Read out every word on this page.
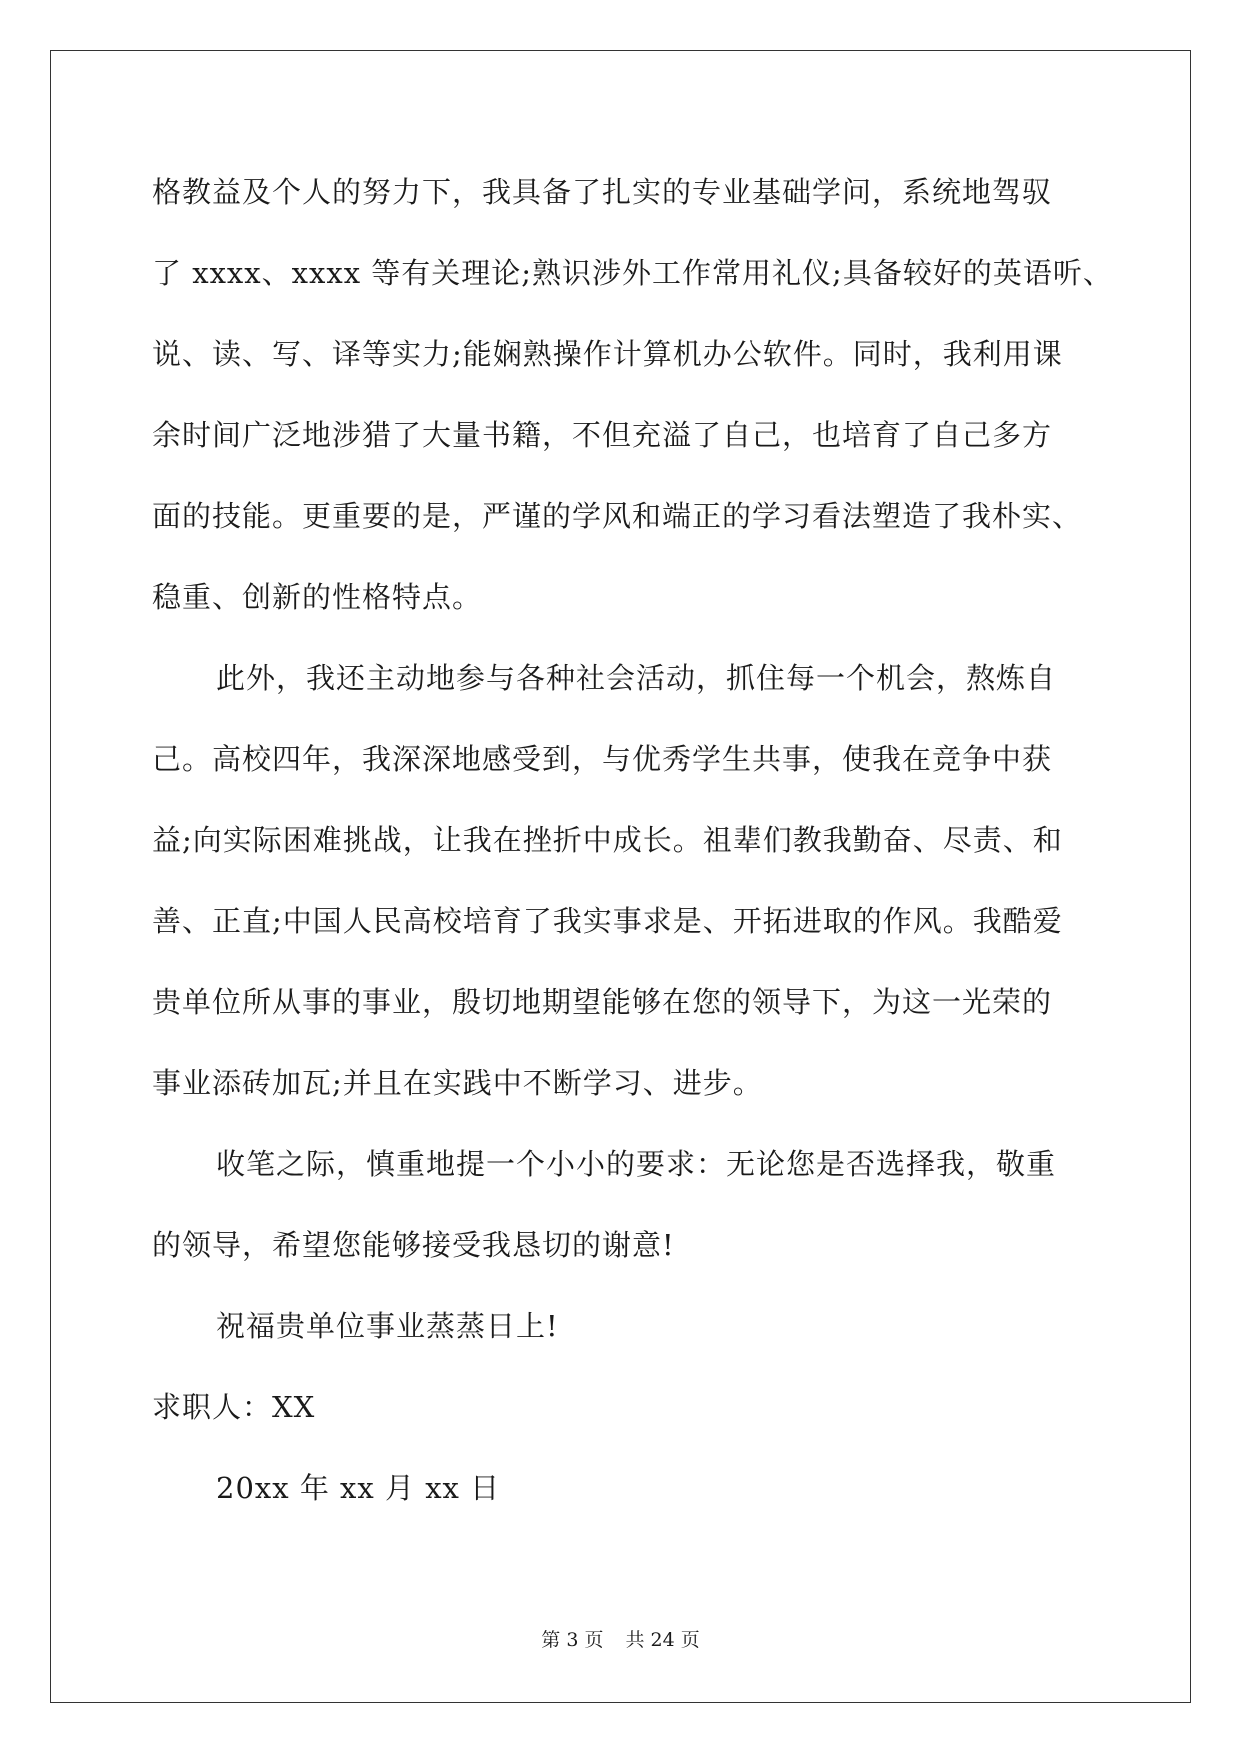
格教益及个人的努力下，我具备了扎实的专业基础学问，系统地驾驭
了 xxxx、xxxx 等有关理论;熟识涉外工作常用礼仪;具备较好的英语听、
说、读、写、译等实力;能娴熟操作计算机办公软件。同时，我利用课
余时间广泛地涉猎了大量书籍，不但充溢了自己，也培育了自己多方
面的技能。更重要的是，严谨的学风和端正的学习看法塑造了我朴实、
稳重、创新的性格特点。
此外，我还主动地参与各种社会活动，抓住每一个机会，熬炼自
己。高校四年，我深深地感受到，与优秀学生共事，使我在竞争中获
益;向实际困难挑战，让我在挫折中成长。祖辈们教我勤奋、尽责、和
善、正直;中国人民高校培育了我实事求是、开拓进取的作风。我酷爱
贵单位所从事的事业，殷切地期望能够在您的领导下，为这一光荣的
事业添砖加瓦;并且在实践中不断学习、进步。
收笔之际，慎重地提一个小小的要求：无论您是否选择我，敬重
的领导，希望您能够接受我恳切的谢意!
祝福贵单位事业蒸蒸日上!
求职人：XX
20xx 年 xx 月 xx 日
第 3 页 共 24 页
